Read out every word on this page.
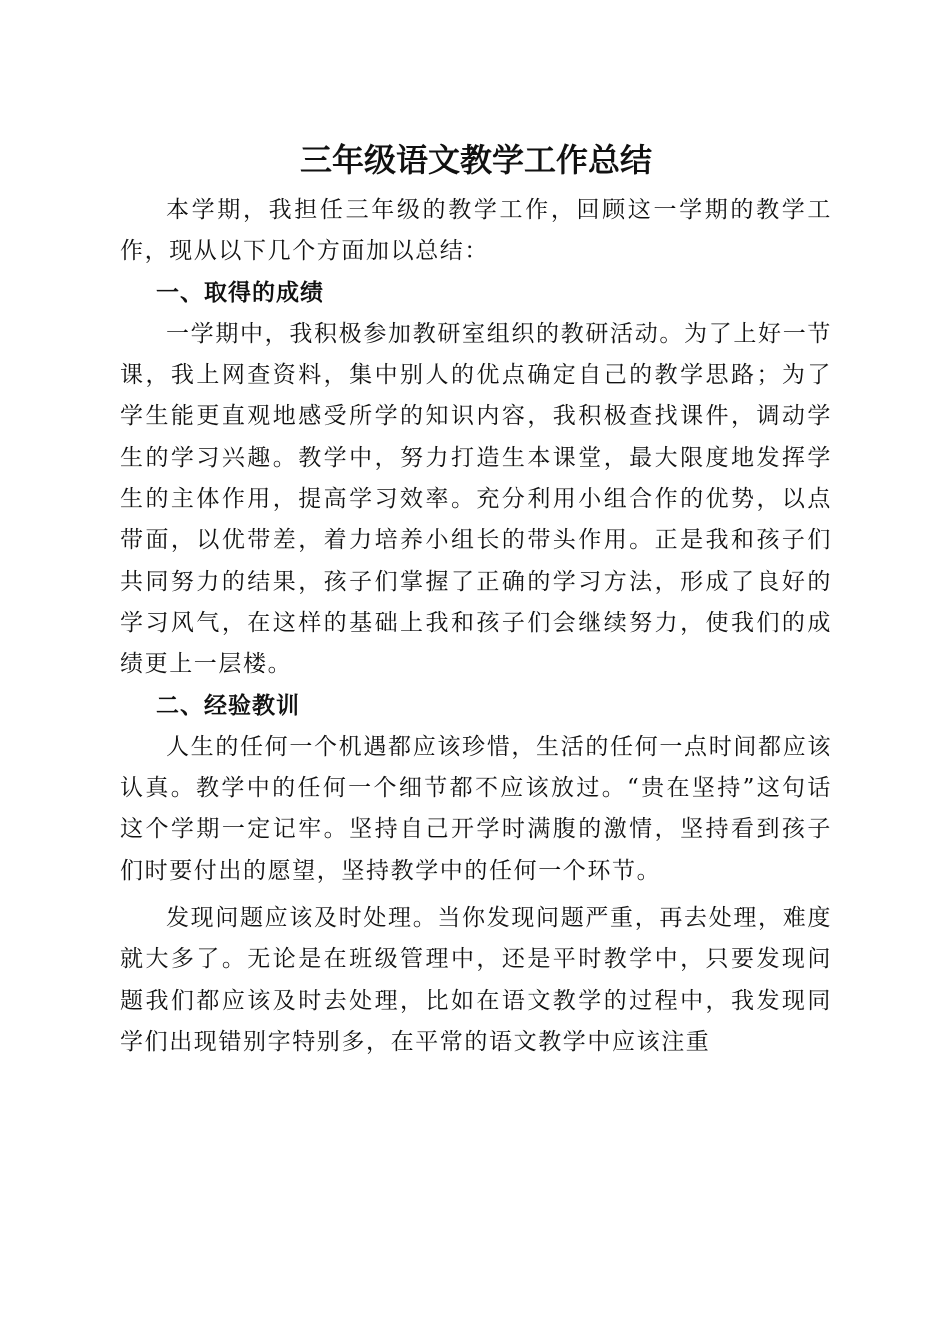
三年级语文教学工作总结

本学期，我担任三年级的教学工作，回顾这一学期的教学工作，现从以下几个方面加以总结：

一、取得的成绩

一学期中，我积极参加教研室组织的教研活动。为了上好一节课，我上网查资料，集中别人的优点确定自己的教学思路；为了学生能更直观地感受所学的知识内容，我积极查找课件，调动学生的学习兴趣。教学中，努力打造生本课堂，最大限度地发挥学生的主体作用，提高学习效率。充分利用小组合作的优势，以点带面，以优带差，着力培养小组长的带头作用。正是我和孩子们共同努力的结果，孩子们掌握了正确的学习方法，形成了良好的学习风气，在这样的基础上我和孩子们会继续努力，使我们的成绩更上一层楼。

二、经验教训

人生的任何一个机遇都应该珍惜，生活的任何一点时间都应该认真。教学中的任何一个细节都不应该放过。“贵在坚持”这句话这个学期一定记牢。坚持自己开学时满腹的激情，坚持看到孩子们时要付出的愿望，坚持教学中的任何一个环节。

发现问题应该及时处理。当你发现问题严重，再去处理，难度就大多了。无论是在班级管理中，还是平时教学中，只要发现问题我们都应该及时去处理，比如在语文教学的过程中，我发现同学们出现错别字特别多，在平常的语文教学中应该注重
